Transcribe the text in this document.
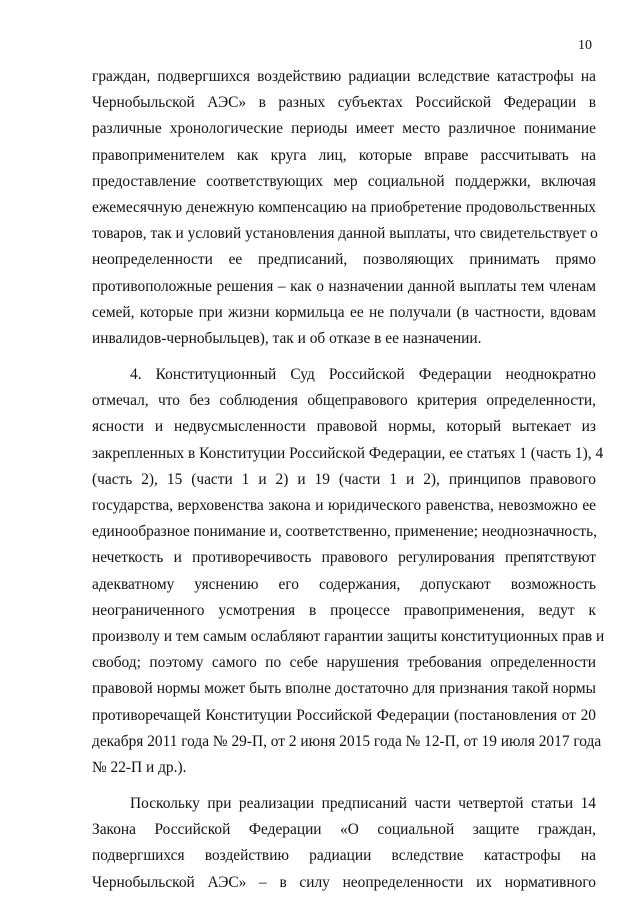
10
граждан, подвергшихся воздействию радиации вследствие катастрофы на
Чернобыльской АЭС» в разных субъектах Российской Федерации в
различные хронологические периоды имеет место различное понимание
правоприменителем как круга лиц, которые вправе рассчитывать на
предоставление соответствующих мер социальной поддержки, включая
ежемесячную денежную компенсацию на приобретение продовольственных
товаров, так и условий установления данной выплаты, что свидетельствует о
неопределенности ее предписаний, позволяющих принимать прямо
противоположные решения – как о назначении данной выплаты тем членам
семей, которые при жизни кормильца ее не получали (в частности, вдовам
инвалидов-чернобыльцев), так и об отказе в ее назначении.
4. Конституционный Суд Российской Федерации неоднократно
отмечал, что без соблюдения общеправового критерия определенности,
ясности и недвусмысленности правовой нормы, который вытекает из
закрепленных в Конституции Российской Федерации, ее статьях 1 (часть 1), 4
(часть 2), 15 (части 1 и 2) и 19 (части 1 и 2), принципов правового
государства, верховенства закона и юридического равенства, невозможно ее
единообразное понимание и, соответственно, применение; неоднозначность,
нечеткость и противоречивость правового регулирования препятствуют
адекватному уяснению его содержания, допускают возможность
неограниченного усмотрения в процессе правоприменения, ведут к
произволу и тем самым ослабляют гарантии защиты конституционных прав и
свобод; поэтому самого по себе нарушения требования определенности
правовой нормы может быть вполне достаточно для признания такой нормы
противоречащей Конституции Российской Федерации (постановления от 20
декабря 2011 года № 29-П, от 2 июня 2015 года № 12-П, от 19 июля 2017 года
№ 22-П и др.).
Поскольку при реализации предписаний части четвертой статьи 14
Закона Российской Федерации «О социальной защите граждан,
подвергшихся воздействию радиации вследствие катастрофы на
Чернобыльской АЭС» – в силу неопределенности их нормативного
